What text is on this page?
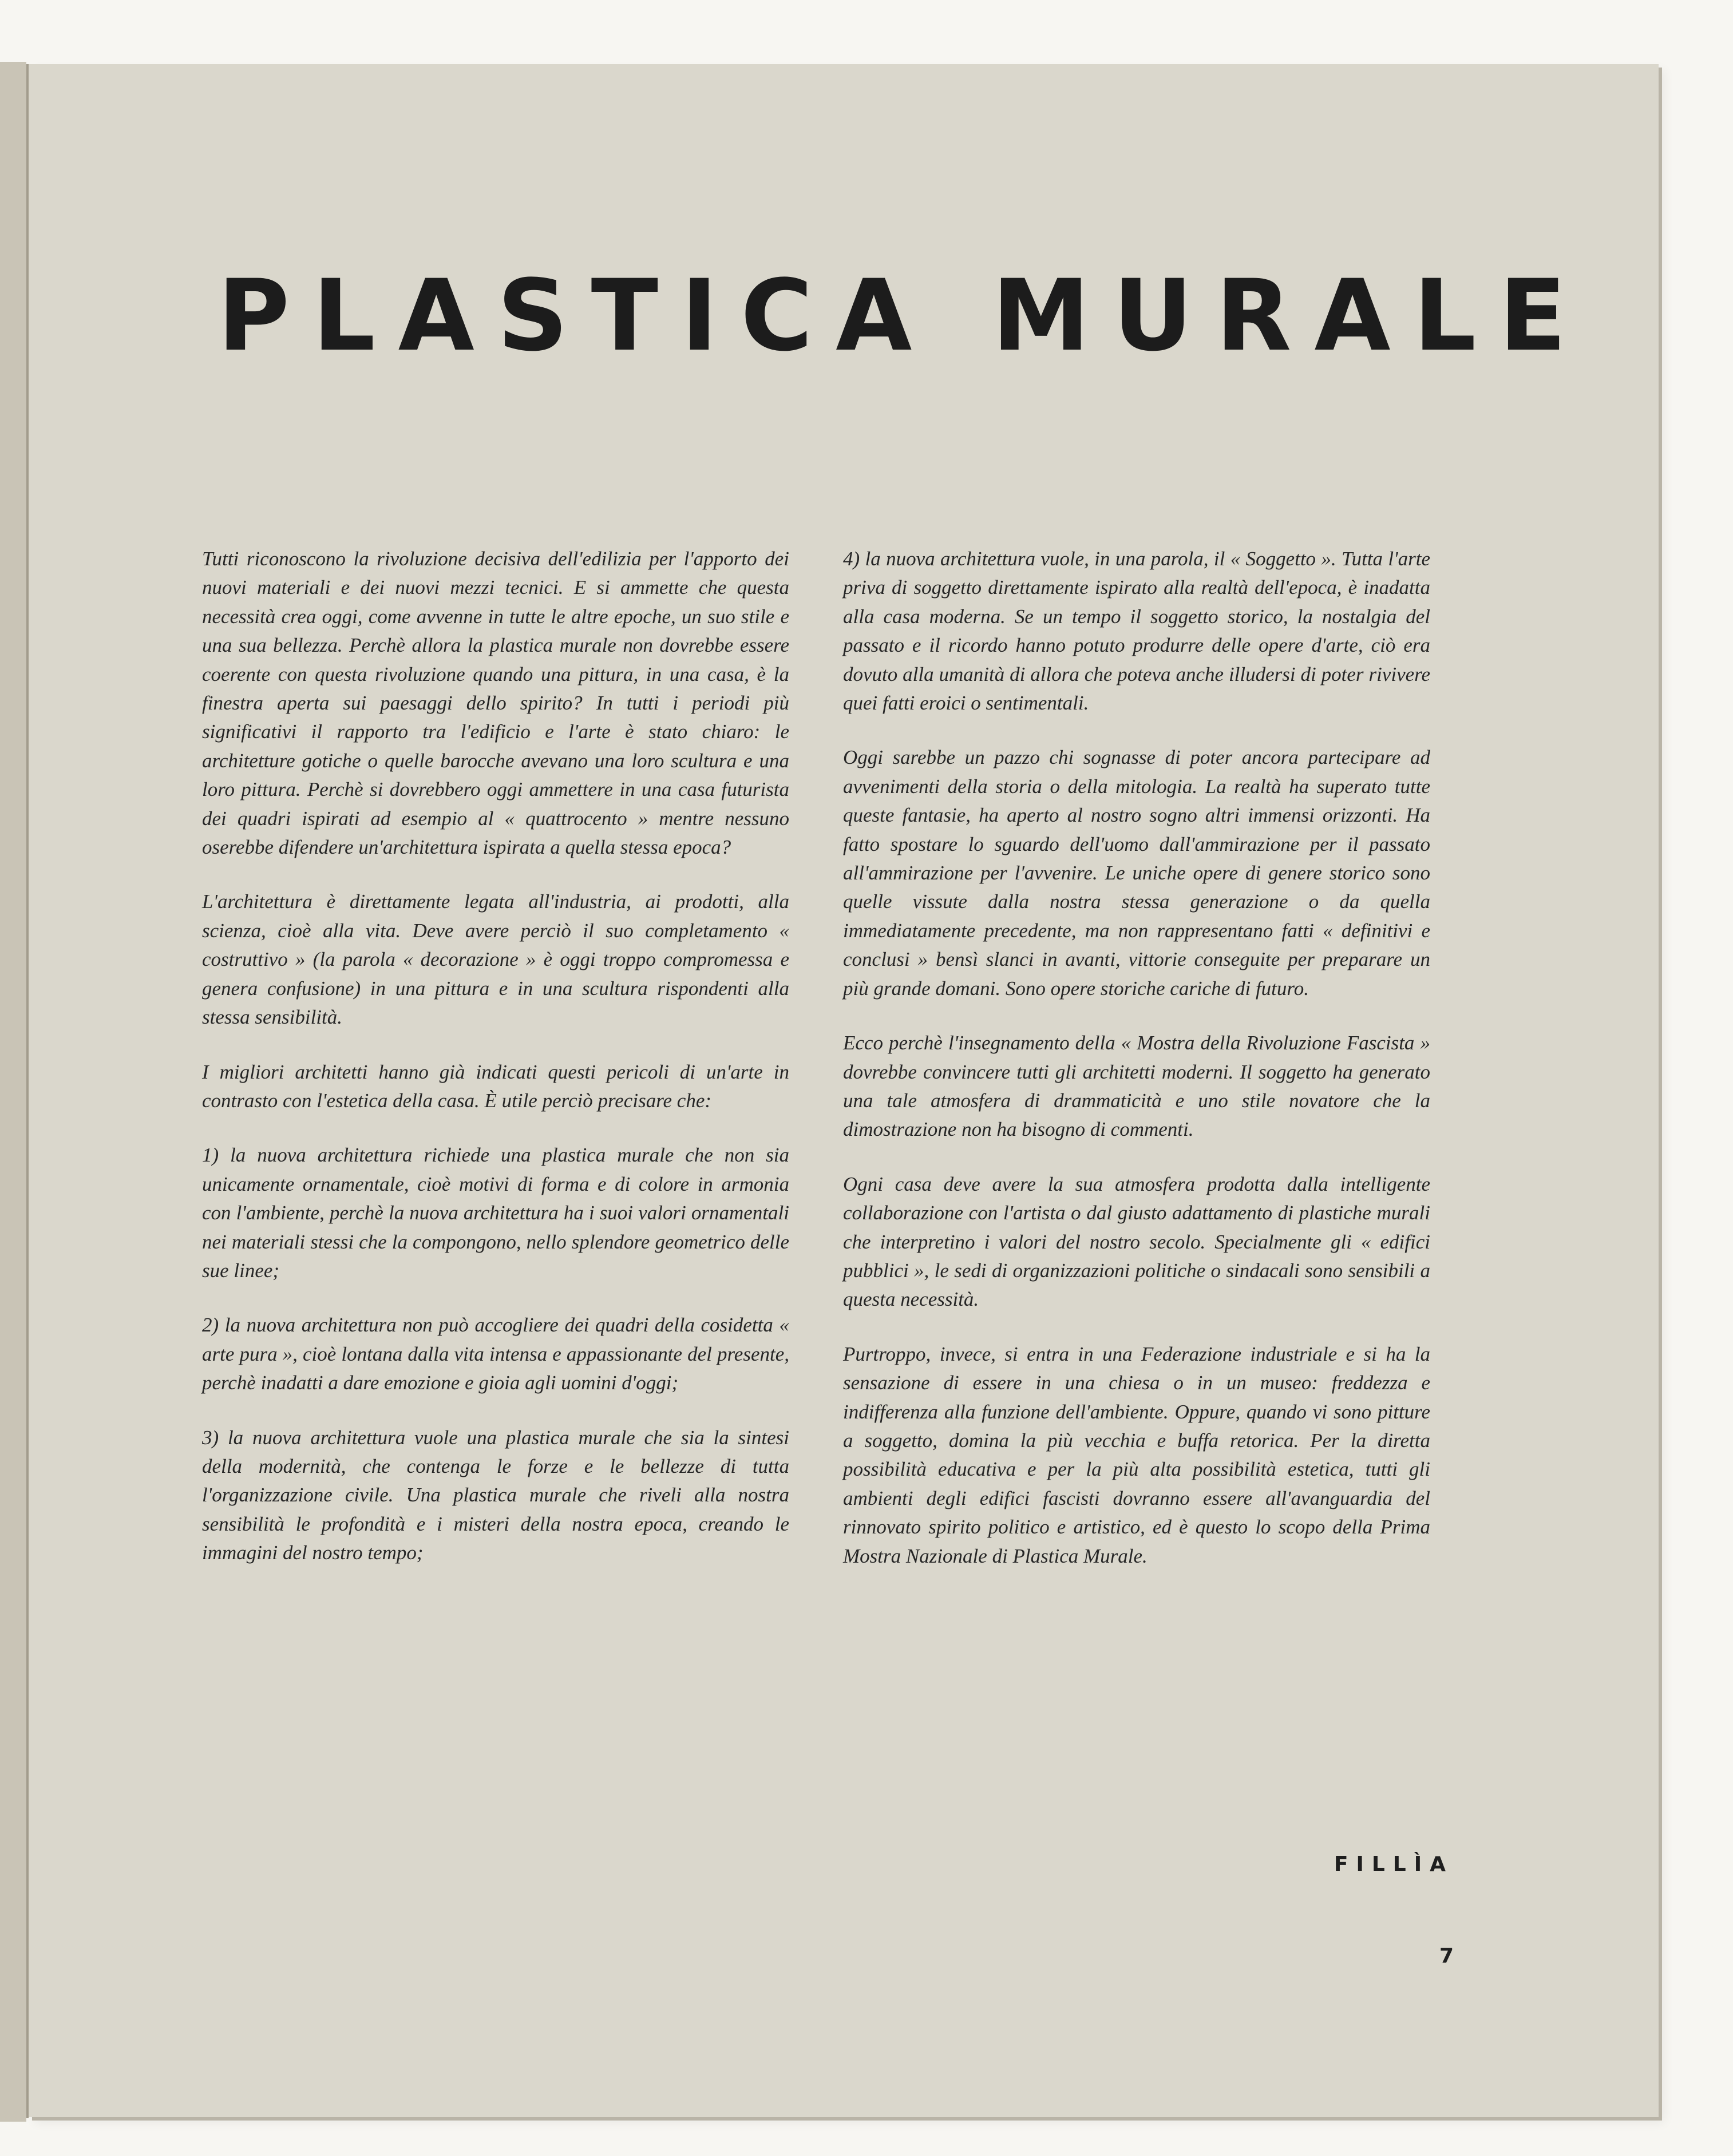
PLASTICA MURALE

Tutti riconoscono la rivoluzione decisiva dell'edilizia per l'apporto dei nuovi materiali e dei nuovi mezzi tecnici. E si ammette che questa necessità crea oggi, come avvenne in tutte le altre epoche, un suo stile e una sua bellezza. Perchè allora la plastica murale non dovrebbe essere coerente con questa rivoluzione quando una pittura, in una casa, è la finestra aperta sui paesaggi dello spirito? In tutti i periodi più significativi il rapporto tra l'edificio e l'arte è stato chiaro: le architetture gotiche o quelle barocche avevano una loro scultura e una loro pittura. Perchè si dovrebbero oggi ammettere in una casa futurista dei quadri ispirati ad esempio al « quattrocento » mentre nessuno oserebbe difendere un'architettura ispirata a quella stessa epoca?

L'architettura è direttamente legata all'industria, ai prodotti, alla scienza, cioè alla vita. Deve avere perciò il suo completamento « costruttivo » (la parola « decorazione » è oggi troppo compromessa e genera confusione) in una pittura e in una scultura rispondenti alla stessa sensibilità.

I migliori architetti hanno già indicati questi pericoli di un'arte in contrasto con l'estetica della casa. È utile perciò precisare che:

1) la nuova architettura richiede una plastica murale che non sia unicamente ornamentale, cioè motivi di forma e di colore in armonia con l'ambiente, perchè la nuova architettura ha i suoi valori ornamentali nei materiali stessi che la compongono, nello splendore geometrico delle sue linee;

2) la nuova architettura non può accogliere dei quadri della cosidetta « arte pura », cioè lontana dalla vita intensa e appassionante del presente, perchè inadatti a dare emozione e gioia agli uomini d'oggi;

3) la nuova architettura vuole una plastica murale che sia la sintesi della modernità, che contenga le forze e le bellezze di tutta l'organizzazione civile. Una plastica murale che riveli alla nostra sensibilità le profondità e i misteri della nostra epoca, creando le immagini del nostro tempo;

4) la nuova architettura vuole, in una parola, il « Soggetto ». Tutta l'arte priva di soggetto direttamente ispirato alla realtà dell'epoca, è inadatta alla casa moderna. Se un tempo il soggetto storico, la nostalgia del passato e il ricordo hanno potuto produrre delle opere d'arte, ciò era dovuto alla umanità di allora che poteva anche illudersi di poter rivivere quei fatti eroici o sentimentali.

Oggi sarebbe un pazzo chi sognasse di poter ancora partecipare ad avvenimenti della storia o della mitologia. La realtà ha superato tutte queste fantasie, ha aperto al nostro sogno altri immensi orizzonti. Ha fatto spostare lo sguardo dell'uomo dall'ammirazione per il passato all'ammirazione per l'avvenire. Le uniche opere di genere storico sono quelle vissute dalla nostra stessa generazione o da quella immediatamente precedente, ma non rappresentano fatti « definitivi e conclusi » bensì slanci in avanti, vittorie conseguite per preparare un più grande domani. Sono opere storiche cariche di futuro.

Ecco perchè l'insegnamento della « Mostra della Rivoluzione Fascista » dovrebbe convincere tutti gli architetti moderni. Il soggetto ha generato una tale atmosfera di drammaticità e uno stile novatore che la dimostrazione non ha bisogno di commenti.

Ogni casa deve avere la sua atmosfera prodotta dalla intelligente collaborazione con l'artista o dal giusto adattamento di plastiche murali che interpretino i valori del nostro secolo. Specialmente gli « edifici pubblici », le sedi di organizzazioni politiche o sindacali sono sensibili a questa necessità.

Purtroppo, invece, si entra in una Federazione industriale e si ha la sensazione di essere in una chiesa o in un museo: freddezza e indifferenza alla funzione dell'ambiente. Oppure, quando vi sono pitture a soggetto, domina la più vecchia e buffa retorica. Per la diretta possibilità educativa e per la più alta possibilità estetica, tutti gli ambienti degli edifici fascisti dovranno essere all'avanguardia del rinnovato spirito politico e artistico, ed è questo lo scopo della Prima Mostra Nazionale di Plastica Murale.

FILLÌA
7
